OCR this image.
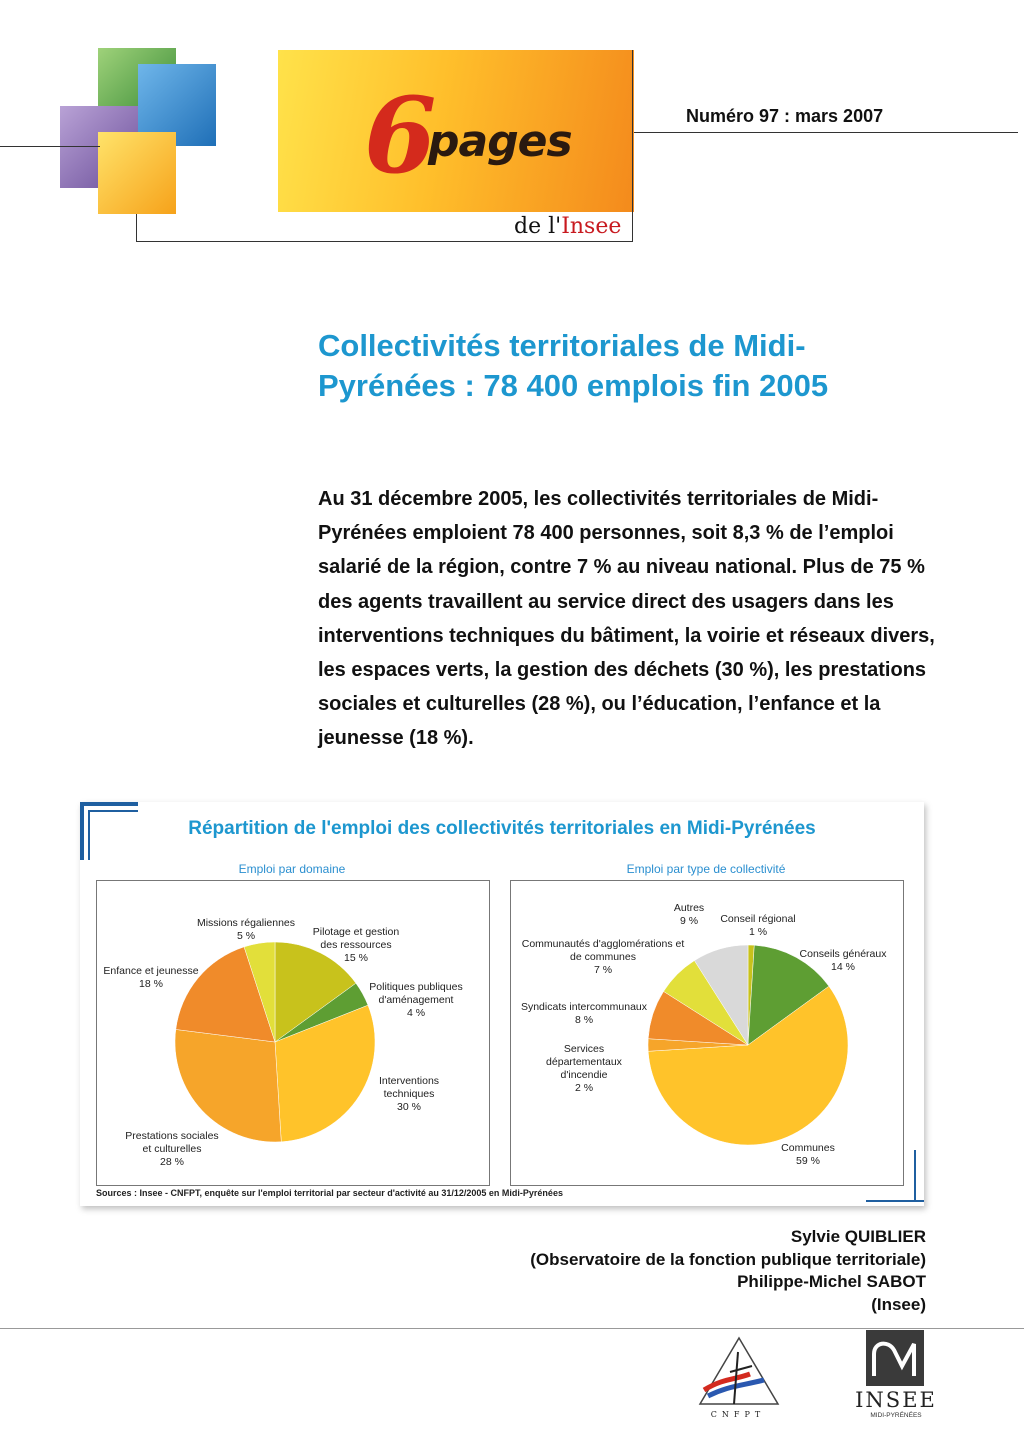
6
pages
de l'Insee
Numéro 97 : mars 2007
Collectivités territoriales de Midi-Pyrénées : 78 400 emplois fin 2005
Au 31 décembre 2005, les collectivités territoriales de Midi-Pyrénées emploient 78 400 personnes, soit 8,3 % de l’emploi salarié de la région, contre 7 % au niveau national. Plus de 75 % des agents travaillent au service direct des usagers dans les interventions techniques du bâtiment, la voirie et réseaux divers, les espaces verts, la gestion des déchets (30 %), les prestations sociales et culturelles (28 %), ou l’éducation, l’enfance et la jeunesse (18 %).
Répartition de l'emploi des collectivités territoriales en Midi-Pyrénées
Emploi par domaine	Emploi par type de collectivité
Pilotage et gestion des ressources 15 %
Politiques publiques d'aménagement 4 %
Interventions techniques 30 %
Prestations sociales et culturelles 28 %
Enfance et jeunesse 18 %
Missions régaliennes 5 %
Conseil régional 1 %
Conseils généraux 14 %
Communes 59 %
Services départementaux d'incendie 2 %
Syndicats intercommunaux 8 %
Communautés d'agglomérations et de communes 7 %
Autres 9 %
Sources : Insee - CNFPT, enquête sur l'emploi territorial par secteur d'activité au 31/12/2005 en Midi-Pyrénées
Sylvie QUIBLIER
(Observatoire de la fonction publique territoriale)
Philippe-Michel SABOT
(Insee)
CNFPT
INSEE
MIDI-PYRÉNÉES
